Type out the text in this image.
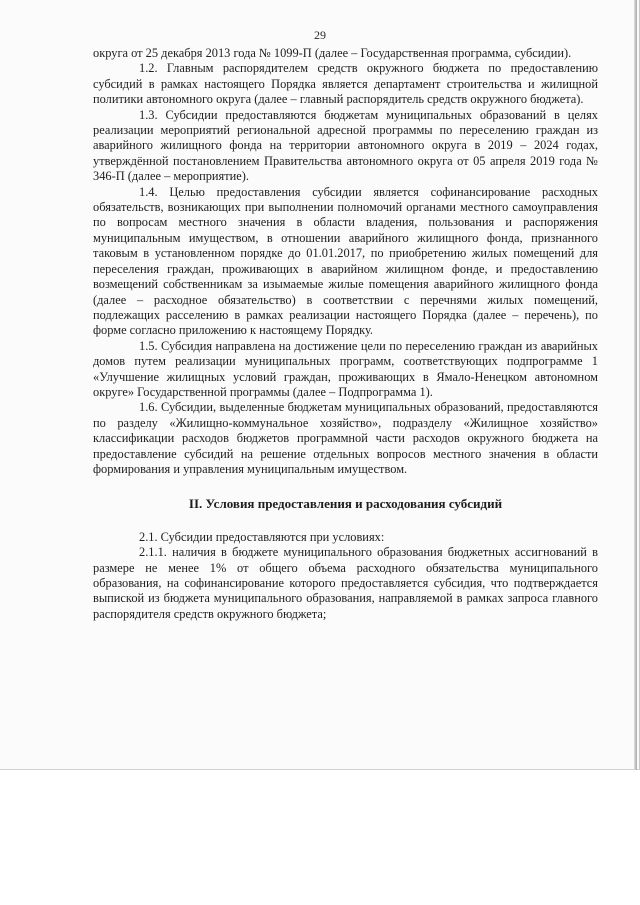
29

округа от 25 декабря 2013 года № 1099-П (далее – Государственная программа, субсидии).

1.2. Главным распорядителем средств окружного бюджета по предоставлению субсидий в рамках настоящего Порядка является департамент строительства и жилищной политики автономного округа (далее – главный распорядитель средств окружного бюджета).

1.3. Субсидии предоставляются бюджетам муниципальных образований в целях реализации мероприятий региональной адресной программы по переселению граждан из аварийного жилищного фонда на территории автономного округа в 2019 – 2024 годах, утверждённой постановлением Правительства автономного округа от 05 апреля 2019 года № 346-П (далее – мероприятие).

1.4. Целью предоставления субсидии является софинансирование расходных обязательств, возникающих при выполнении полномочий органами местного самоуправления по вопросам местного значения в области владения, пользования и распоряжения муниципальным имуществом, в отношении аварийного жилищного фонда, признанного таковым в установленном порядке до 01.01.2017, по приобретению жилых помещений для переселения граждан, проживающих в аварийном жилищном фонде, и предоставлению возмещений собственникам за изымаемые жилые помещения аварийного жилищного фонда (далее – расходное обязательство) в соответствии с перечнями жилых помещений, подлежащих расселению в рамках реализации настоящего Порядка (далее – перечень), по форме согласно приложению к настоящему Порядку.

1.5. Субсидия направлена на достижение цели по переселению граждан из аварийных домов путем реализации муниципальных программ, соответствующих подпрограмме 1 «Улучшение жилищных условий граждан, проживающих в Ямало-Ненецком автономном округе» Государственной программы (далее – Подпрограмма 1).

1.6. Субсидии, выделенные бюджетам муниципальных образований, предоставляются по разделу «Жилищно-коммунальное хозяйство», подразделу «Жилищное хозяйство» классификации расходов бюджетов программной части расходов окружного бюджета на предоставление субсидий на решение отдельных вопросов местного значения в области формирования и управления муниципальным имуществом.

II. Условия предоставления и расходования субсидий

2.1. Субсидии предоставляются при условиях:

2.1.1. наличия в бюджете муниципального образования бюджетных ассигнований в размере не менее 1% от общего объема расходного обязательства муниципального образования, на софинансирование которого предоставляется субсидия, что подтверждается выпиской из бюджета муниципального образования, направляемой в рамках запроса главного распорядителя средств окружного бюджета;
